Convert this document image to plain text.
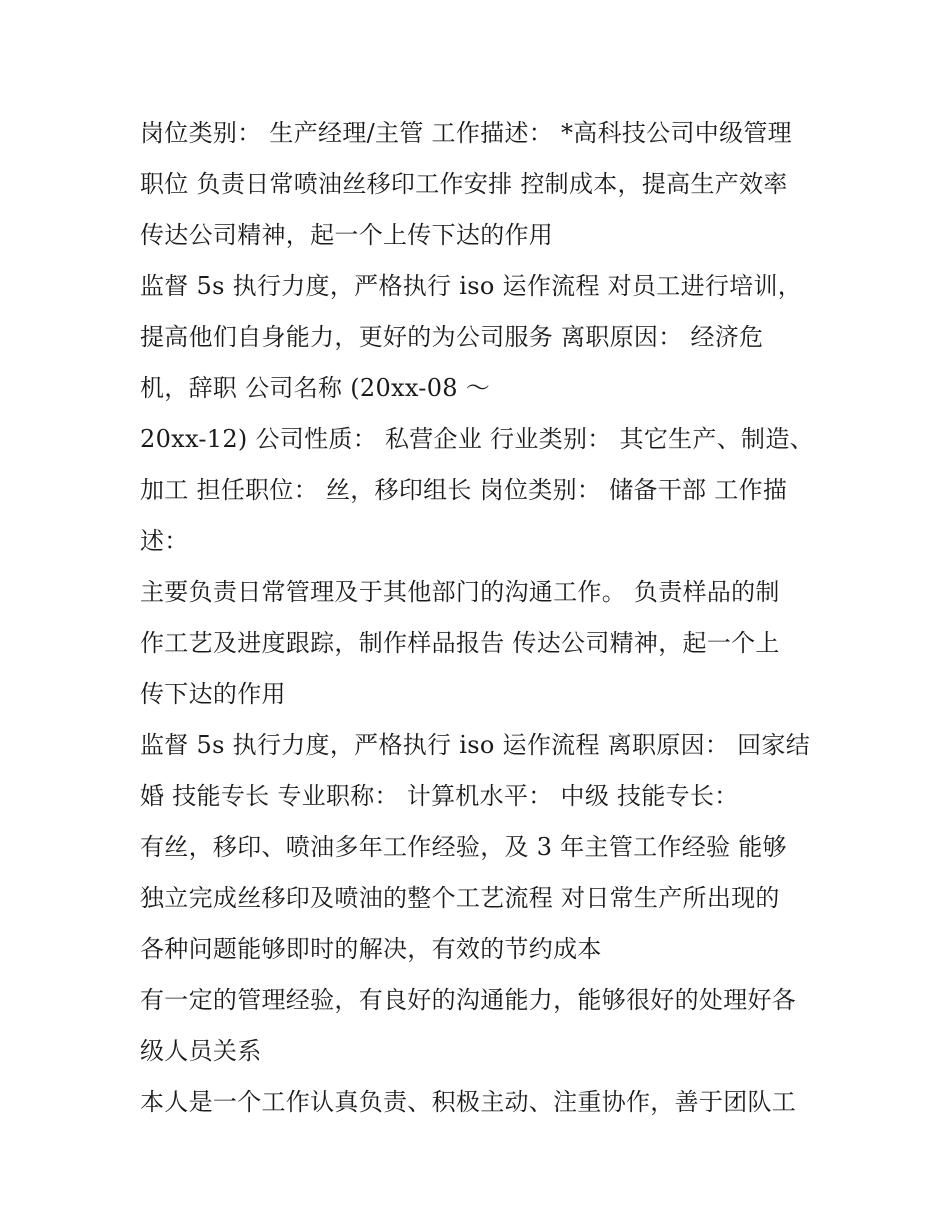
岗位类别： 生产经理/主管 工作描述： *高科技公司中级管理
职位 负责日常喷油丝移印工作安排 控制成本，提高生产效率
传达公司精神，起一个上传下达的作用
监督 5s 执行力度，严格执行 iso 运作流程 对员工进行培训，
提高他们自身能力，更好的为公司服务 离职原因： 经济危
机，辞职 公司名称 (20xx-08 ～
20xx-12) 公司性质： 私营企业 行业类别： 其它生产、制造、
加工 担任职位： 丝，移印组长 岗位类别： 储备干部 工作描
述：
主要负责日常管理及于其他部门的沟通工作。 负责样品的制
作工艺及进度跟踪，制作样品报告 传达公司精神，起一个上
传下达的作用
监督 5s 执行力度，严格执行 iso 运作流程 离职原因： 回家结
婚 技能专长 专业职称： 计算机水平： 中级 技能专长：
有丝，移印、喷油多年工作经验，及 3 年主管工作经验 能够
独立完成丝移印及喷油的整个工艺流程 对日常生产所出现的
各种问题能够即时的解决，有效的节约成本
有一定的管理经验，有良好的沟通能力，能够很好的处理好各
级人员关系
本人是一个工作认真负责、积极主动、注重协作，善于团队工
